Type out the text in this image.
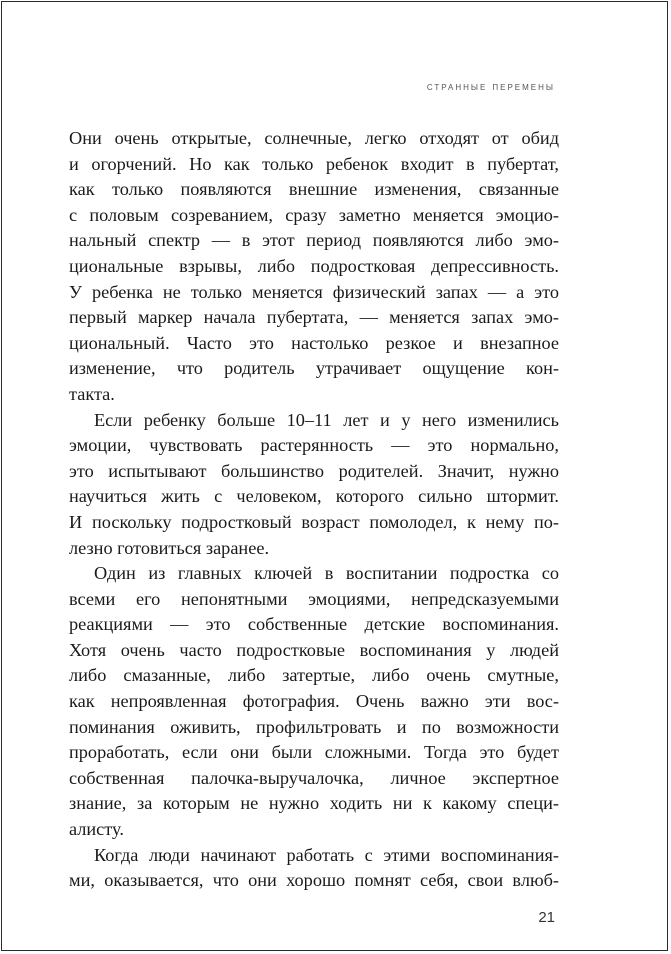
странные перемены
Они очень открытые, солнечные, легко отходят от обид
и огорчений. Но как только ребенок входит в пубертат,
как только появляются внешние изменения, связанные
с половым созреванием, сразу заметно меняется эмоцио-
нальный спектр — в этот период появляются либо эмо-
циональные взрывы, либо подростковая депрессивность.
У ребенка не только меняется физический запах — а это
первый маркер начала пубертата, — меняется запах эмо-
циональный. Часто это настолько резкое и внезапное
изменение, что родитель утрачивает ощущение кон-
такта.
Если ребенку больше 10–11 лет и у него изменились
эмоции, чувствовать растерянность — это нормально,
это испытывают большинство родителей. Значит, нужно
научиться жить с человеком, которого сильно штормит.
И поскольку подростковый возраст помолодел, к нему по-
лезно готовиться заранее.
Один из главных ключей в воспитании подростка со
всеми его непонятными эмоциями, непредсказуемыми
реакциями — это собственные детские воспоминания.
Хотя очень часто подростковые воспоминания у людей
либо смазанные, либо затертые, либо очень смутные,
как непроявленная фотография. Очень важно эти вос-
поминания оживить, профильтровать и по возможности
проработать, если они были сложными. Тогда это будет
собственная палочка-выручалочка, личное экспертное
знание, за которым не нужно ходить ни к какому специ-
алисту.
Когда люди начинают работать с этими воспоминания-
ми, оказывается, что они хорошо помнят себя, свои влюб-
21
